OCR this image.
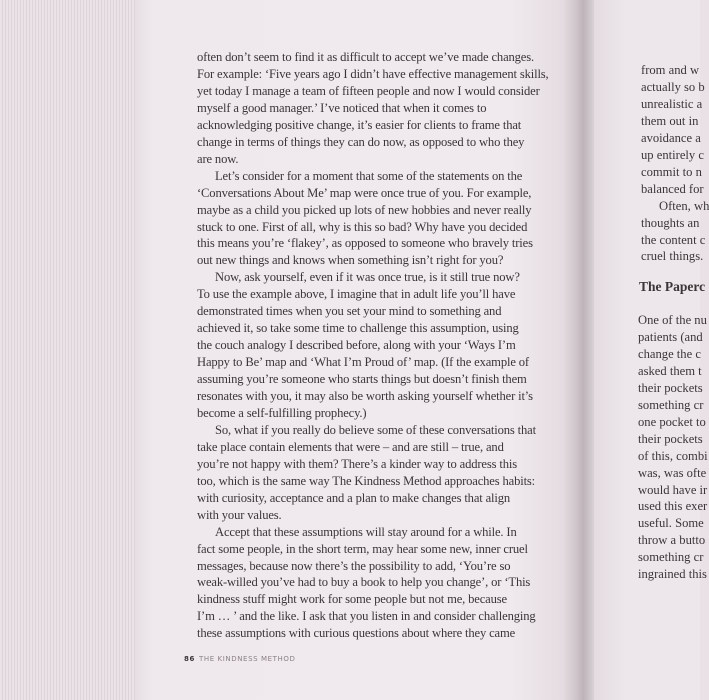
from and w
actually so b
unrealistic a
them out in
avoidance a
up entirely c
commit to n
balanced for
Often, wh
thoughts an
the content c
cruel things.
One of the nu
patients (and
change the c
asked them t
their pockets
something cr
one pocket to
their pockets
of this, combi
was, was ofte
would have ir
used this exer
useful. Some
throw a butto
something cr
ingrained this
The Paperc
often don’t seem to find it as difficult to accept we’ve made changes.
For example: ‘Five years ago I didn’t have effective management skills,
yet today I manage a team of fifteen people and now I would consider
myself a good manager.’ I’ve noticed that when it comes to
acknowledging positive change, it’s easier for clients to frame that
change in terms of things they can do now, as opposed to who they
are now.
Let’s consider for a moment that some of the statements on the
‘Conversations About Me’ map were once true of you. For example,
maybe as a child you picked up lots of new hobbies and never really
stuck to one. First of all, why is this so bad? Why have you decided
this means you’re ‘flakey’, as opposed to someone who bravely tries
out new things and knows when something isn’t right for you?
Now, ask yourself, even if it was once true, is it still true now?
To use the example above, I imagine that in adult life you’ll have
demonstrated times when you set your mind to something and
achieved it, so take some time to challenge this assumption, using
the couch analogy I described before, along with your ‘Ways I’m
Happy to Be’ map and ‘What I’m Proud of’ map. (If the example of
assuming you’re someone who starts things but doesn’t finish them
resonates with you, it may also be worth asking yourself whether it’s
become a self-fulfilling prophecy.)
So, what if you really do believe some of these conversations that
take place contain elements that were – and are still – true, and
you’re not happy with them? There’s a kinder way to address this
too, which is the same way The Kindness Method approaches habits:
with curiosity, acceptance and a plan to make changes that align
with your values.
Accept that these assumptions will stay around for a while. In
fact some people, in the short term, may hear some new, inner cruel
messages, because now there’s the possibility to add, ‘You’re so
weak-willed you’ve had to buy a book to help you change’, or ‘This
kindness stuff might work for some people but not me, because
I’m … ’ and the like. I ask that you listen in and consider challenging
these assumptions with curious questions about where they came
86 THE KINDNESS METHOD
